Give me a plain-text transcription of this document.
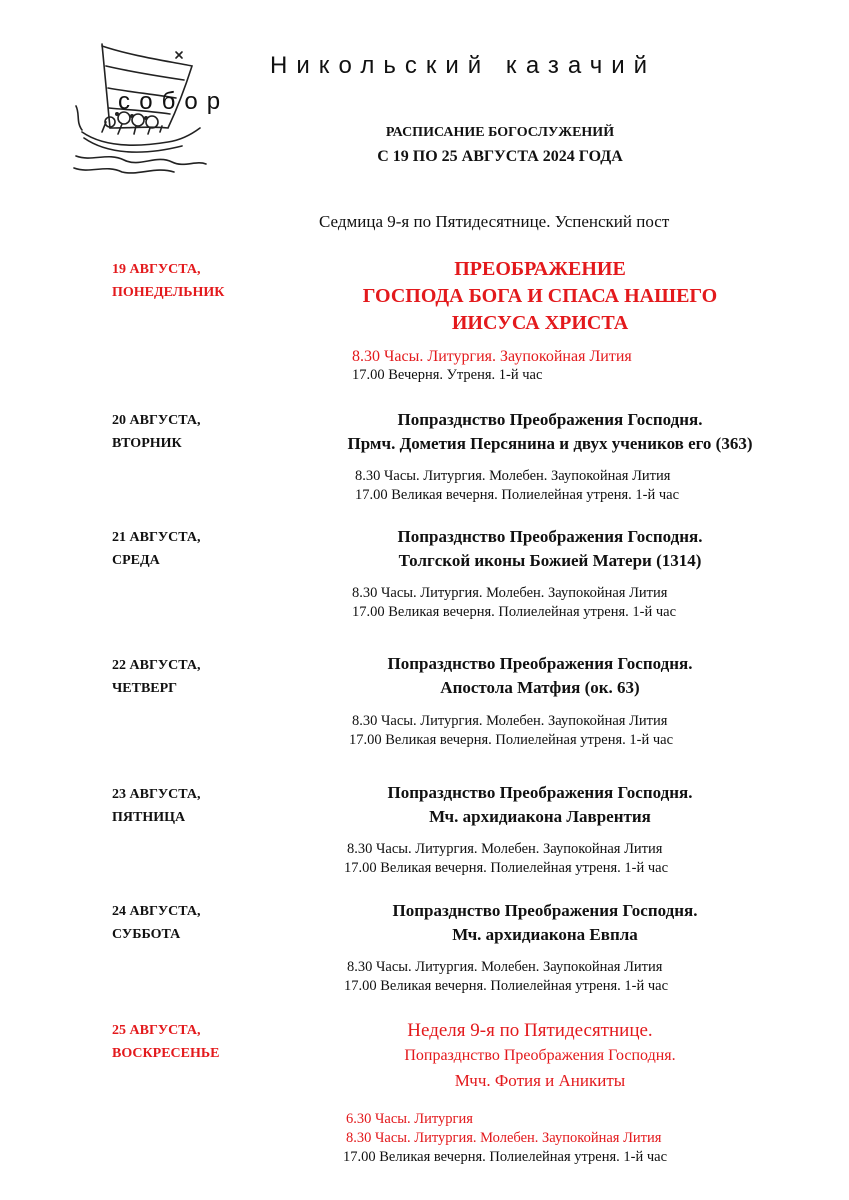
Никольский казачий
собор
РАСПИСАНИЕ БОГОСЛУЖЕНИЙ
С 19 ПО 25 АВГУСТА 2024 ГОДА
Седмица 9-я по Пятидесятнице. Успенский пост
19 АВГУСТА,
ПОНЕДЕЛЬНИК
ПРЕОБРАЖЕНИЕ
ГОСПОДА БОГА И СПАСА НАШЕГО
ИИСУСА ХРИСТА
8.30 Часы. Литургия. Заупокойная Лития
17.00 Вечерня. Утреня. 1-й час
20 АВГУСТА,
ВТОРНИК
Попразднство Преображения Господня.
Прмч. Дометия Персянина и двух учеников его (363)
8.30 Часы. Литургия. Молебен. Заупокойная Лития
17.00 Великая вечерня. Полиелейная утреня. 1-й час
21 АВГУСТА,
СРЕДА
Попразднство Преображения Господня.
Толгской иконы Божией Матери (1314)
8.30 Часы. Литургия. Молебен. Заупокойная Лития
17.00 Великая вечерня. Полиелейная утреня. 1-й час
22 АВГУСТА,
ЧЕТВЕРГ
Попразднство Преображения Господня.
Апостола Матфия (ок. 63)
8.30 Часы. Литургия. Молебен. Заупокойная Лития
17.00 Великая вечерня. Полиелейная утреня. 1-й час
23 АВГУСТА,
ПЯТНИЦА
Попразднство Преображения Господня.
Мч. архидиакона Лаврентия
8.30 Часы. Литургия. Молебен. Заупокойная Лития
17.00 Великая вечерня. Полиелейная утреня. 1-й час
24 АВГУСТА,
СУББОТА
Попразднство Преображения Господня.
Мч. архидиакона Евпла
8.30 Часы. Литургия. Молебен. Заупокойная Лития
17.00 Великая вечерня. Полиелейная утреня. 1-й час
25 АВГУСТА,
ВОСКРЕСЕНЬЕ
Неделя 9-я по Пятидесятнице.
Попразднство Преображения Господня.
Мчч. Фотия и Аникиты
6.30 Часы. Литургия
8.30 Часы. Литургия. Молебен. Заупокойная Лития
17.00 Великая вечерня. Полиелейная утреня. 1-й час
